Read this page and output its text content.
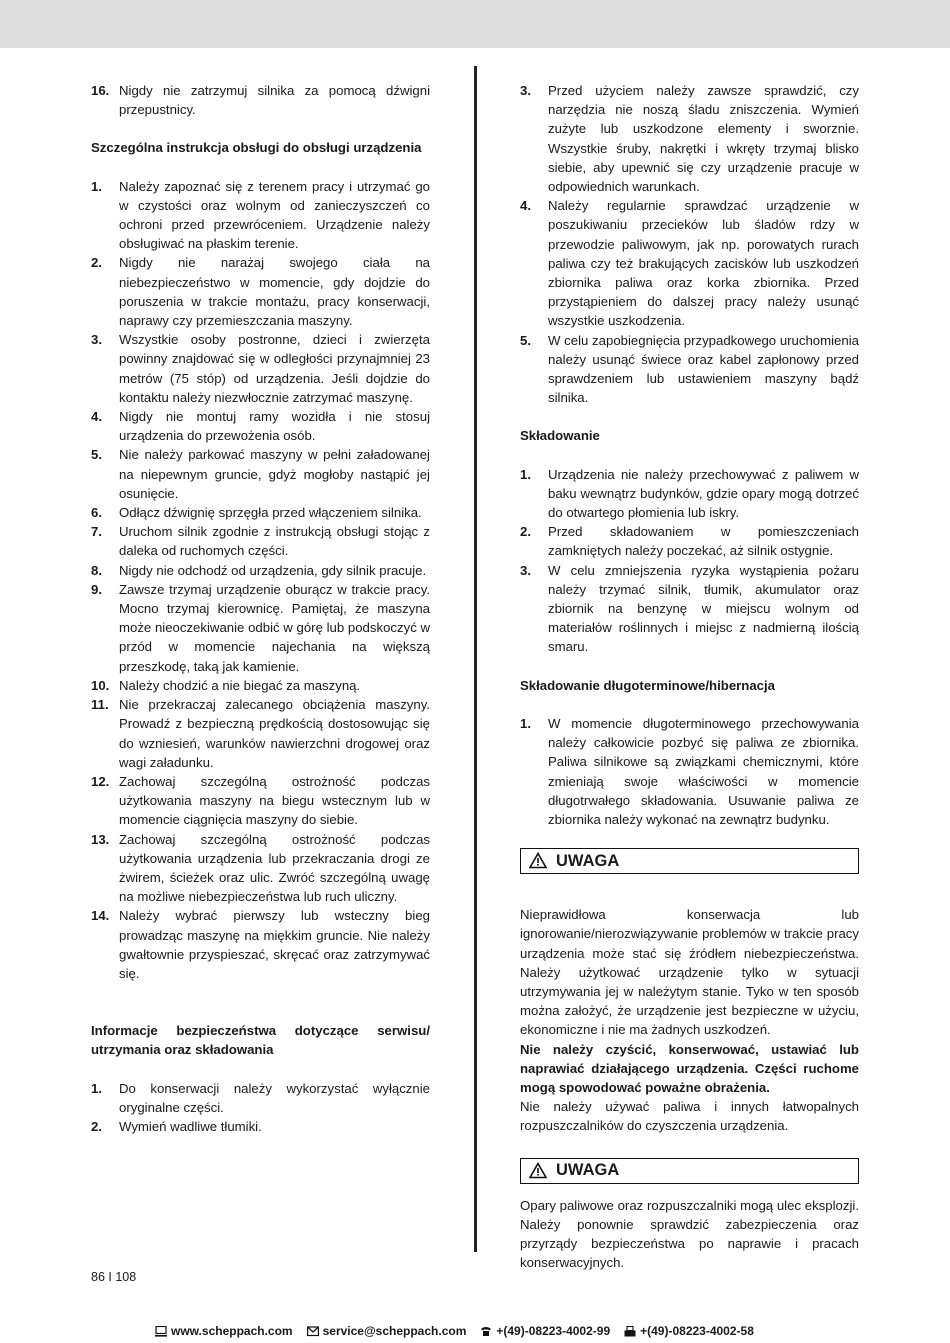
16. Nigdy nie zatrzymuj silnika za pomocą dźwigni przepustnicy.

Szczególna instrukcja obsługi do obsługi urządzenia

1. Należy zapoznać się z terenem pracy i utrzymać go w czystości oraz wolnym od zanieczyszczeń co ochroni przed przewróceniem. Urządzenie należy obsługiwać na płaskim terenie.
2. Nigdy nie narażaj swojego ciała na niebezpieczeństwo w momencie, gdy dojdzie do poruszenia w trakcie montażu, pracy konserwacji, naprawy czy przemieszczania maszyny.
3. Wszystkie osoby postronne, dzieci i zwierzęta powinny znajdować się w odległości przynajmniej 23 metrów (75 stóp) od urządzenia. Jeśli dojdzie do kontaktu należy niezwłocznie zatrzymać maszynę.
4. Nigdy nie montuj ramy wozidła i nie stosuj urządzenia do przewożenia osób.
5. Nie należy parkować maszyny w pełni załadowanej na niepewnym gruncie, gdyż mogłoby nastąpić jej osunięcie.
6. Odłącz dźwignię sprzęgła przed włączeniem silnika.
7. Uruchom silnik zgodnie z instrukcją obsługi stojąc z daleka od ruchomych części.
8. Nigdy nie odchodź od urządzenia, gdy silnik pracuje.
9. Zawsze trzymaj urządzenie oburącz w trakcie pracy. Mocno trzymaj kierownicę. Pamiętaj, że maszyna może nieoczekiwanie odbić w górę lub podskoczyć w przód w momencie najechania na większą przeszkodę, taką jak kamienie.
10. Należy chodzić a nie biegać za maszyną.
11. Nie przekraczaj zalecanego obciążenia maszyny. Prowadź z bezpieczną prędkością dostosowując się do wzniesień, warunków nawierzchni drogowej oraz wagi załadunku.
12. Zachowaj szczególną ostrożność podczas użytkowania maszyny na biegu wstecznym lub w momencie ciągnięcia maszyny do siebie.
13. Zachowaj szczególną ostrożność podczas użytkowania urządzenia lub przekraczania drogi ze żwirem, ścieżek oraz ulic. Zwróć szczególną uwagę na możliwe niebezpieczeństwa lub ruch uliczny.
14. Należy wybrać pierwszy lub wsteczny bieg prowadząc maszynę na miękkim gruncie. Nie należy gwałtownie przyspieszać, skręcać oraz zatrzymywać się.

Informacje bezpieczeństwa dotyczące serwisu/ utrzymania oraz składowania

1. Do konserwacji należy wykorzystać wyłącznie oryginalne części.
2. Wymień wadliwe tłumiki.
3. Przed użyciem należy zawsze sprawdzić, czy narzędzia nie noszą śladu zniszczenia. Wymień zużyte lub uszkodzone elementy i sworznie. Wszystkie śruby, nakrętki i wkręty trzymaj blisko siebie, aby upewnić się czy urządzenie pracuje w odpowiednich warunkach.
4. Należy regularnie sprawdzać urządzenie w poszukiwaniu przecieków lub śladów rdzy w przewodzie paliwowym, jak np. porowatych rurach paliwa czy też brakujących zacisków lub uszkodzeń zbiornika paliwa oraz korka zbiornika. Przed przystąpieniem do dalszej pracy należy usunąć wszystkie uszkodzenia.
5. W celu zapobiegnięcia przypadkowego uruchomienia należy usunąć świece oraz kabel zapłonowy przed sprawdzeniem lub ustawieniem maszyny bądź silnika.

Składowanie

1. Urządzenia nie należy przechowywać z paliwem w baku wewnątrz budynków, gdzie opary mogą dotrzeć do otwartego płomienia lub iskry.
2. Przed składowaniem w pomieszczeniach zamkniętych należy poczekać, aż silnik ostygnie.
3. W celu zmniejszenia ryzyka wystąpienia pożaru należy trzymać silnik, tłumik, akumulator oraz zbiornik na benzynę w miejscu wolnym od materiałów roślinnych i miejsc z nadmierną ilością smaru.

Składowanie długoterminowe/hibernacja

1. W momencie długoterminowego przechowywania należy całkowicie pozbyć się paliwa ze zbiornika. Paliwa silnikowe są związkami chemicznymi, które zmieniają swoje właściwości w momencie długotrwałego składowania. Usuwanie paliwa ze zbiornika należy wykonać na zewnątrz budynku.
UWAGA

Nieprawidłowa konserwacja lub ignorowanie/nierozwiązywanie problemów w trakcie pracy urządzenia może stać się źródłem niebezpieczeństwa. Należy użytkować urządzenie tylko w sytuacji utrzymywania jej w należytym stanie. Tyko w ten sposób można założyć, że urządzenie jest bezpieczne w użyciu, ekonomiczne i nie ma żadnych uszkodzeń.

Nie należy czyścić, konserwować, ustawiać lub naprawiać działającego urządzenia. Części ruchome mogą spowodować poważne obrażenia.

Nie należy używać paliwa i innych łatwopalnych rozpuszczalników do czyszczenia urządzenia.

UWAGA

Opary paliwowe oraz rozpuszczalniki mogą ulec eksplozji. Należy ponownie sprawdzić zabezpieczenia oraz przyrządy bezpieczeństwa po naprawie i pracach konserwacyjnych.

86 I 108
www.scheppach.com	service@scheppach.com	+(49)-08223-4002-99	+(49)-08223-4002-58
